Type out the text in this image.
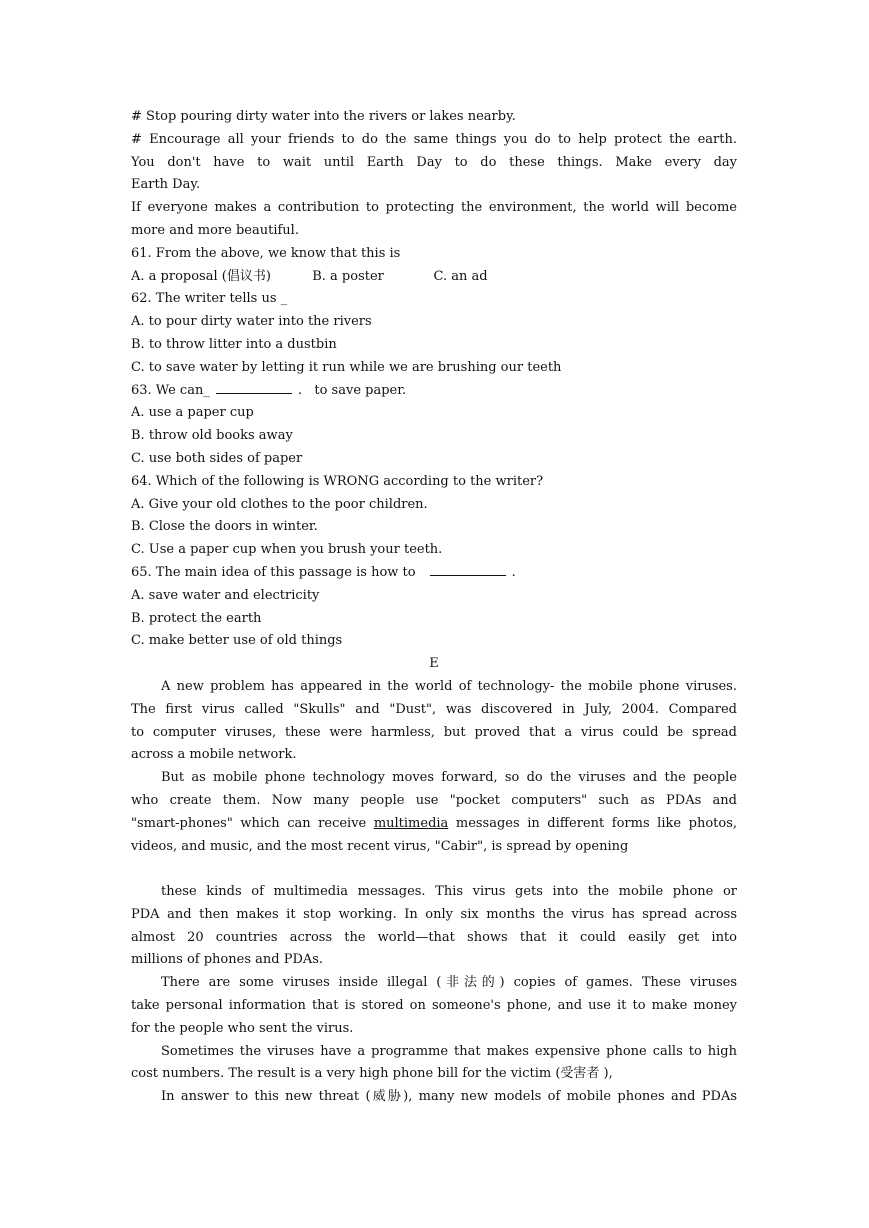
# Stop pouring dirty water into the rivers or lakes nearby.
# Encourage all your friends to do the same things you do to help protect the earth.
You don't have to wait until Earth Day to do these things. Make every day
Earth Day.
If everyone makes a contribution to protecting the environment, the world will become
more and more beautiful.
61. From the above, we know that this is
A. a proposal (倡议书)          B. a poster            C. an ad
62. The writer tells us _
A. to pour dirty water into the rivers
B. to throw litter into a dustbin
C. to save water by letting it run while we are brushing our teeth
63. We can_	.   to save paper.
A. use a paper cup
B. throw old books away
C. use both sides of paper
64. Which of the following is WRONG according to the writer?
A. Give your old clothes to the poor children.
B. Close the doors in winter.
C. Use a paper cup when you brush your teeth.
65. The main idea of this passage is how to	.
A. save water and electricity
B. protect the earth
C. make better use of old things
E
A new problem has appeared in the world of technology- the mobile phone viruses.
The first virus called "Skulls" and "Dust", was discovered in July, 2004. Compared
to computer viruses, these were harmless, but proved that a virus could be spread
across a mobile network.
But as mobile phone technology moves forward, so do the viruses and the people
who create them. Now many people use "pocket computers" such as PDAs and
"smart-phones" which can receive multimedia messages in different forms like photos,
videos, and music, and the most recent virus, "Cabir", is spread by opening
these kinds of multimedia messages. This virus gets into the mobile phone or
PDA and then makes it stop working. In only six months the virus has spread across
almost 20 countries across the world—that shows that it could easily get into
millions of phones and PDAs.
There are some viruses inside illegal (非法的) copies of games. These viruses
take personal information that is stored on someone's phone, and use it to make money
for the people who sent the virus.
Sometimes the viruses have a programme that makes expensive phone calls to high
cost numbers. The result is a very high phone bill for the victim (受害者 ),
In answer to this new threat (威胁), many new models of mobile phones and PDAs
